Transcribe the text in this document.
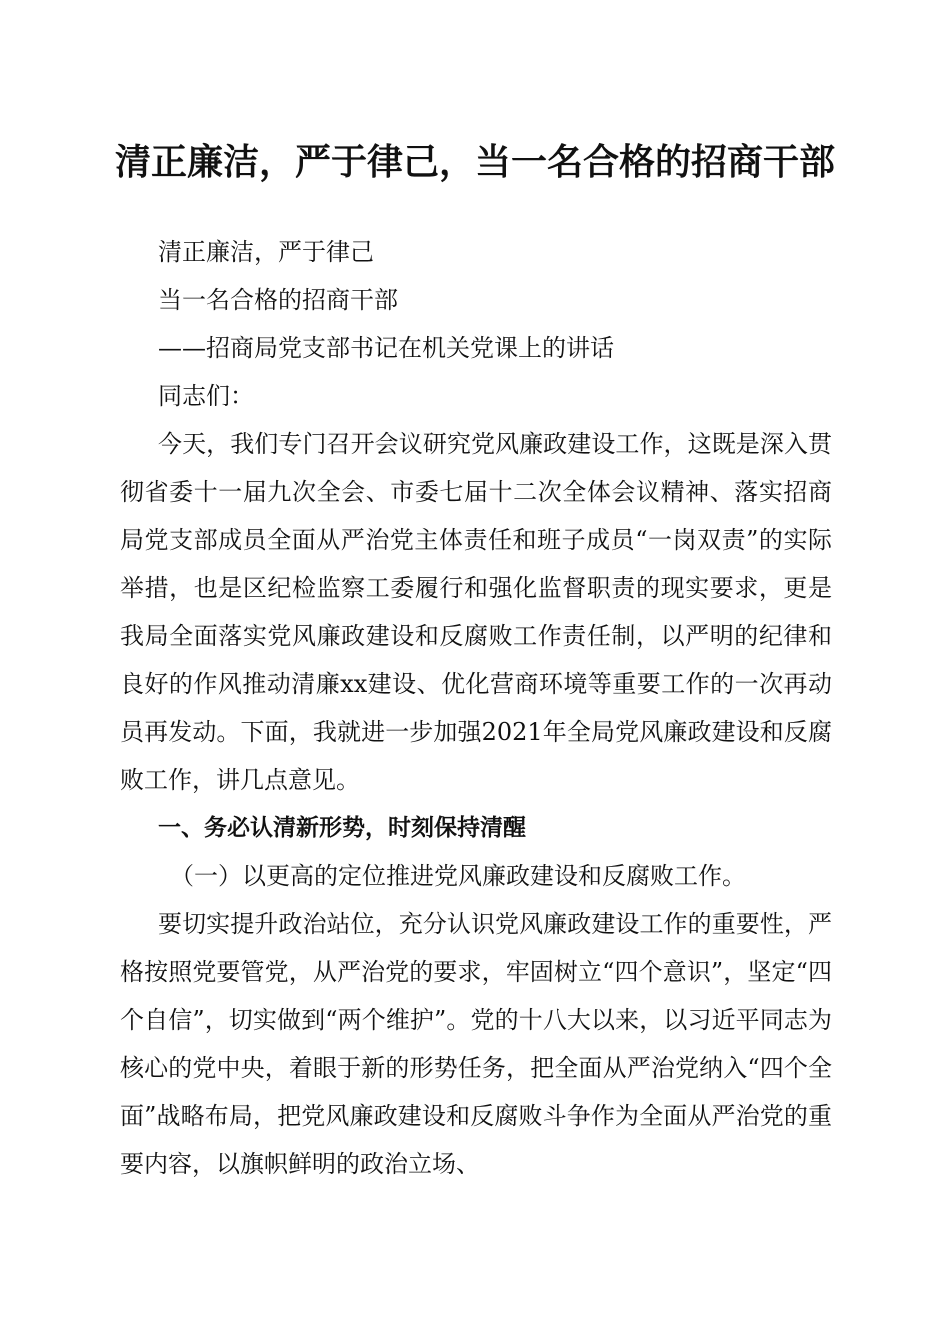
清正廉洁，严于律己，当一名合格的招商干部

清正廉洁，严于律己

当一名合格的招商干部

——招商局党支部书记在机关党课上的讲话

同志们：

今天，我们专门召开会议研究党风廉政建设工作，这既是深入贯彻省委十一届九次全会、市委七届十二次全体会议精神、落实招商局党支部成员全面从严治党主体责任和班子成员“一岗双责”的实际举措，也是区纪检监察工委履行和强化监督职责的现实要求，更是我局全面落实党风廉政建设和反腐败工作责任制，以严明的纪律和良好的作风推动清廉xx建设、优化营商环境等重要工作的一次再动员再发动。下面，我就进一步加强2021年全局党风廉政建设和反腐败工作，讲几点意见。

一、务必认清新形势，时刻保持清醒

（一）以更高的定位推进党风廉政建设和反腐败工作。

要切实提升政治站位，充分认识党风廉政建设工作的重要性，严格按照党要管党，从严治党的要求，牢固树立“四个意识”，坚定“四个自信”，切实做到“两个维护”。党的十八大以来，以习近平同志为核心的党中央，着眼于新的形势任务，把全面从严治党纳入“四个全面”战略布局，把党风廉政建设和反腐败斗争作为全面从严治党的重要内容，以旗帜鲜明的政治立场、
